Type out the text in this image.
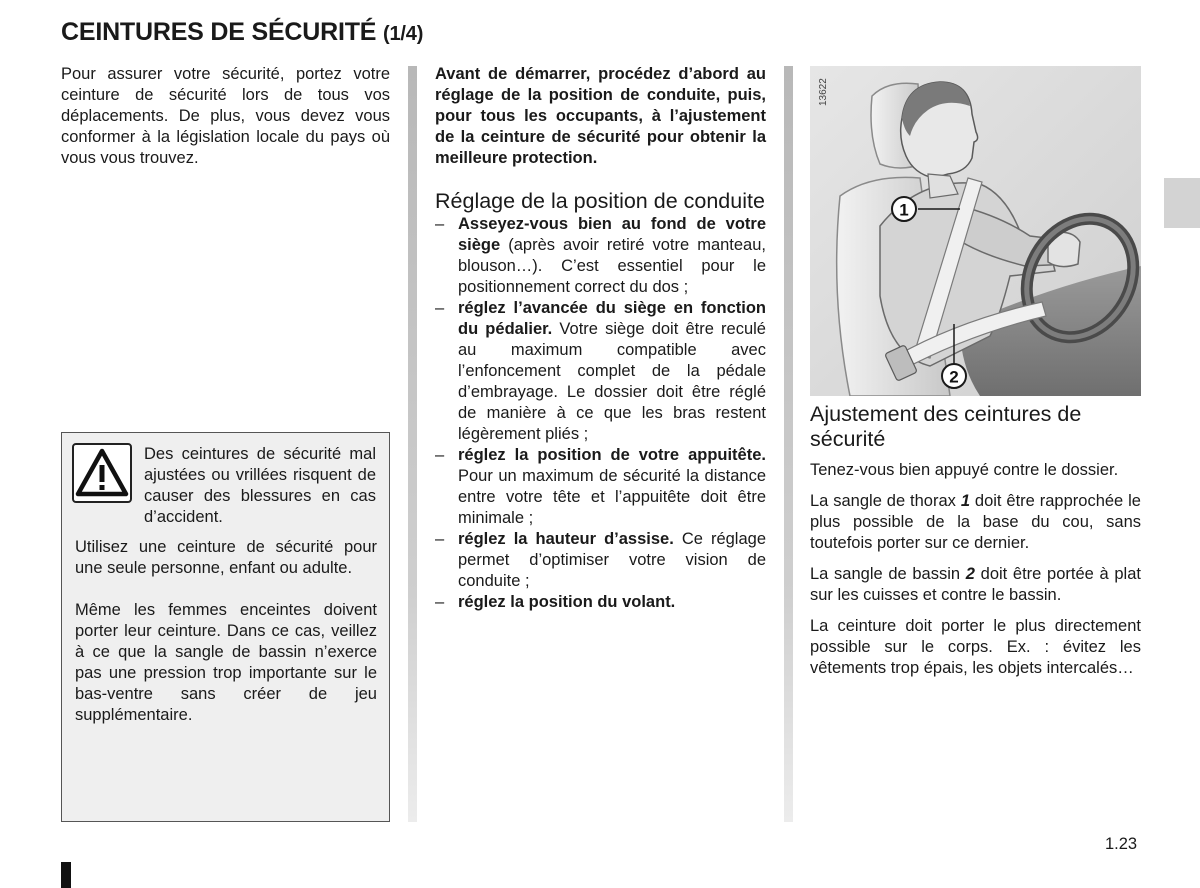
CEINTURES DE SÉCURITÉ (1/4)
Pour assurer votre sécurité, portez votre ceinture de sécurité lors de tous vos déplacements. De plus, vous devez vous conformer à la législation locale du pays où vous vous trouvez.
Des ceintures de sécurité mal ajustées ou vrillées risquent de causer des blessures en cas d’accident.
Utilisez une ceinture de sécurité pour une seule personne, enfant ou adulte.
Même les femmes enceintes doivent porter leur ceinture. Dans ce cas, veillez à ce que la sangle de bassin n’exerce pas une pression trop importante sur le bas-ventre sans créer de jeu supplémentaire.
Avant de démarrer, procédez d’abord au réglage de la position de conduite, puis, pour tous les occupants, à l’ajustement de la ceinture de sécurité pour obtenir la meilleure protection.
Réglage de la position de conduite
– Asseyez-vous bien au fond de votre siège (après avoir retiré votre manteau, blouson…). C’est essentiel pour le positionnement correct du dos ;
– réglez l’avancée du siège en fonction du pédalier. Votre siège doit être reculé au maximum compatible avec l’enfoncement complet de la pédale d’embrayage. Le dossier doit être réglé de manière à ce que les bras restent légèrement pliés ;
– réglez la position de votre appuitête. Pour un maximum de sécurité la distance entre votre tête et l’appuitête doit être minimale ;
– réglez la hauteur d’assise. Ce réglage permet d’optimiser votre vision de conduite ;
– réglez la position du volant.
1
2
13622
Ajustement des ceintures de sécurité

Tenez-vous bien appuyé contre le dossier.

La sangle de thorax 1 doit être rapprochée le plus possible de la base du cou, sans toutefois porter sur ce dernier.

La sangle de bassin 2 doit être portée à plat sur les cuisses et contre le bassin.

La ceinture doit porter le plus directement possible sur le corps. Ex. : évitez les vêtements trop épais, les objets intercalés…

1.23
